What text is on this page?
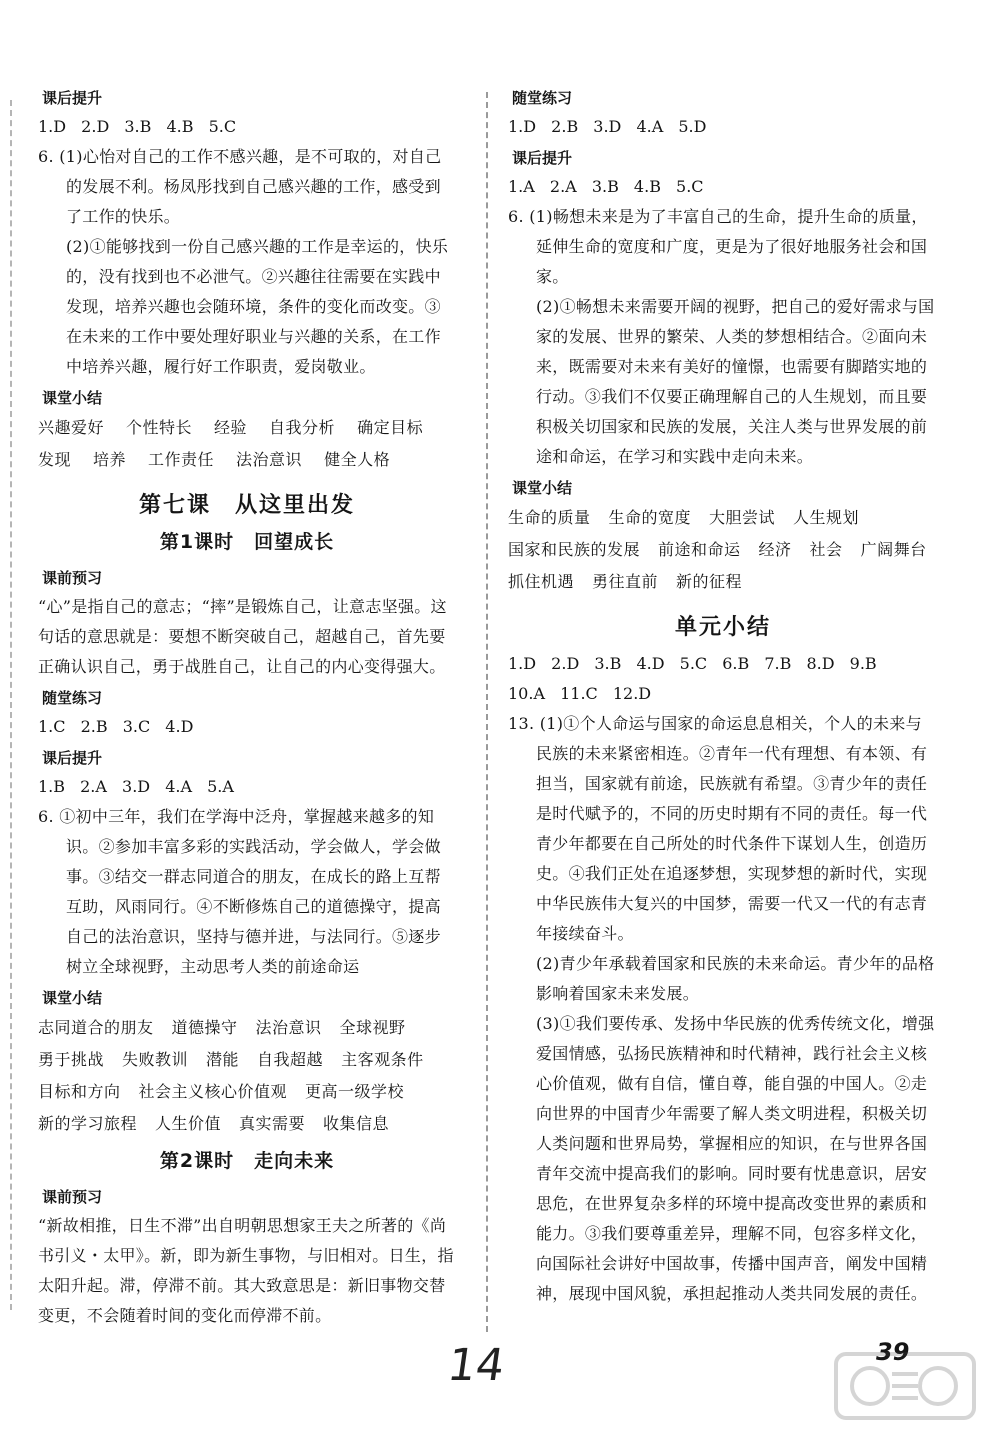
课后提升

1.D 2.D 3.B 4.B 5.C

6. (1)心怡对自己的工作不感兴趣，是不可取的，对自己的发展不利。杨凤彤找到自己感兴趣的工作，感受到了工作的快乐。

(2)①能够找到一份自己感兴趣的工作是幸运的，快乐的，没有找到也不必泄气。②兴趣往往需要在实践中发现，培养兴趣也会随环境，条件的变化而改变。③在未来的工作中要处理好职业与兴趣的关系，在工作中培养兴趣，履行好工作职责，爱岗敬业。

课堂小结
兴趣爱好 个性特长 经验 自我分析 确定目标
发现 培养 工作责任 法治意识 健全人格
第七课　从这里出发
第1课时　回望成长
课前预习

“心”是指自己的意志；“摔”是锻炼自己，让意志坚强。这句话的意思就是：要想不断突破自己，超越自己，首先要正确认识自己，勇于战胜自己，让自己的内心变得强大。

随堂练习

1.C 2.B 3.C 4.D

课后提升

1.B 2.A 3.D 4.A 5.A

6. ①初中三年，我们在学海中泛舟，掌握越来越多的知识。②参加丰富多彩的实践活动，学会做人，学会做事。③结交一群志同道合的朋友，在成长的路上互帮互助，风雨同行。④不断修炼自己的道德操守，提高自己的法治意识，坚持与德并进，与法同行。⑤逐步树立全球视野，主动思考人类的前途命运

课堂小结
志同道合的朋友 道德操守 法治意识 全球视野
勇于挑战 失败教训 潜能 自我超越 主客观条件
目标和方向 社会主义核心价值观 更高一级学校
新的学习旅程 人生价值 真实需要 收集信息
第2课时　走向未来
课前预习

“新故相推，日生不滞”出自明朝思想家王夫之所著的《尚书引义・太甲》。新，即为新生事物，与旧相对。日生，指太阳升起。滞，停滞不前。其大致意思是：新旧事物交替变更，不会随着时间的变化而停滞不前。

随堂练习

1.D 2.B 3.D 4.A 5.D

课后提升

1.A 2.A 3.B 4.B 5.C

6. (1)畅想未来是为了丰富自己的生命，提升生命的质量，延伸生命的宽度和广度，更是为了很好地服务社会和国家。

(2)①畅想未来需要开阔的视野，把自己的爱好需求与国家的发展、世界的繁荣、人类的梦想相结合。②面向未来，既需要对未来有美好的憧憬，也需要有脚踏实地的行动。③我们不仅要正确理解自己的人生规划，而且要积极关切国家和民族的发展，关注人类与世界发展的前途和命运，在学习和实践中走向未来。

课堂小结
生命的质量 生命的宽度 大胆尝试 人生规划
国家和民族的发展 前途和命运 经济 社会 广阔舞台
抓住机遇 勇往直前 新的征程
单元小结

1.D 2.D 3.B 4.D 5.C 6.B 7.B 8.D 9.B

10.A 11.C 12.D

13. (1)①个人命运与国家的命运息息相关，个人的未来与民族的未来紧密相连。②青年一代有理想、有本领、有担当，国家就有前途，民族就有希望。③青少年的责任是时代赋予的，不同的历史时期有不同的责任。每一代青少年都要在自己所处的时代条件下谋划人生，创造历史。④我们正处在追逐梦想，实现梦想的新时代，实现中华民族伟大复兴的中国梦，需要一代又一代的有志青年接续奋斗。

(2)青少年承载着国家和民族的未来命运。青少年的品格影响着国家未来发展。

(3)①我们要传承、发扬中华民族的优秀传统文化，增强爱国情感，弘扬民族精神和时代精神，践行社会主义核心价值观，做有自信，懂自尊，能自强的中国人。②走向世界的中国青少年需要了解人类文明进程，积极关切人类问题和世界局势，掌握相应的知识，在与世界各国青年交流中提高我们的影响。同时要有忧患意识，居安思危，在世界复杂多样的环境中提高改变世界的素质和能力。③我们要尊重差异，理解不同，包容多样文化，向国际社会讲好中国故事，传播中国声音，阐发中国精神，展现中国风貌，承担起推动人类共同发展的责任。

14	39
